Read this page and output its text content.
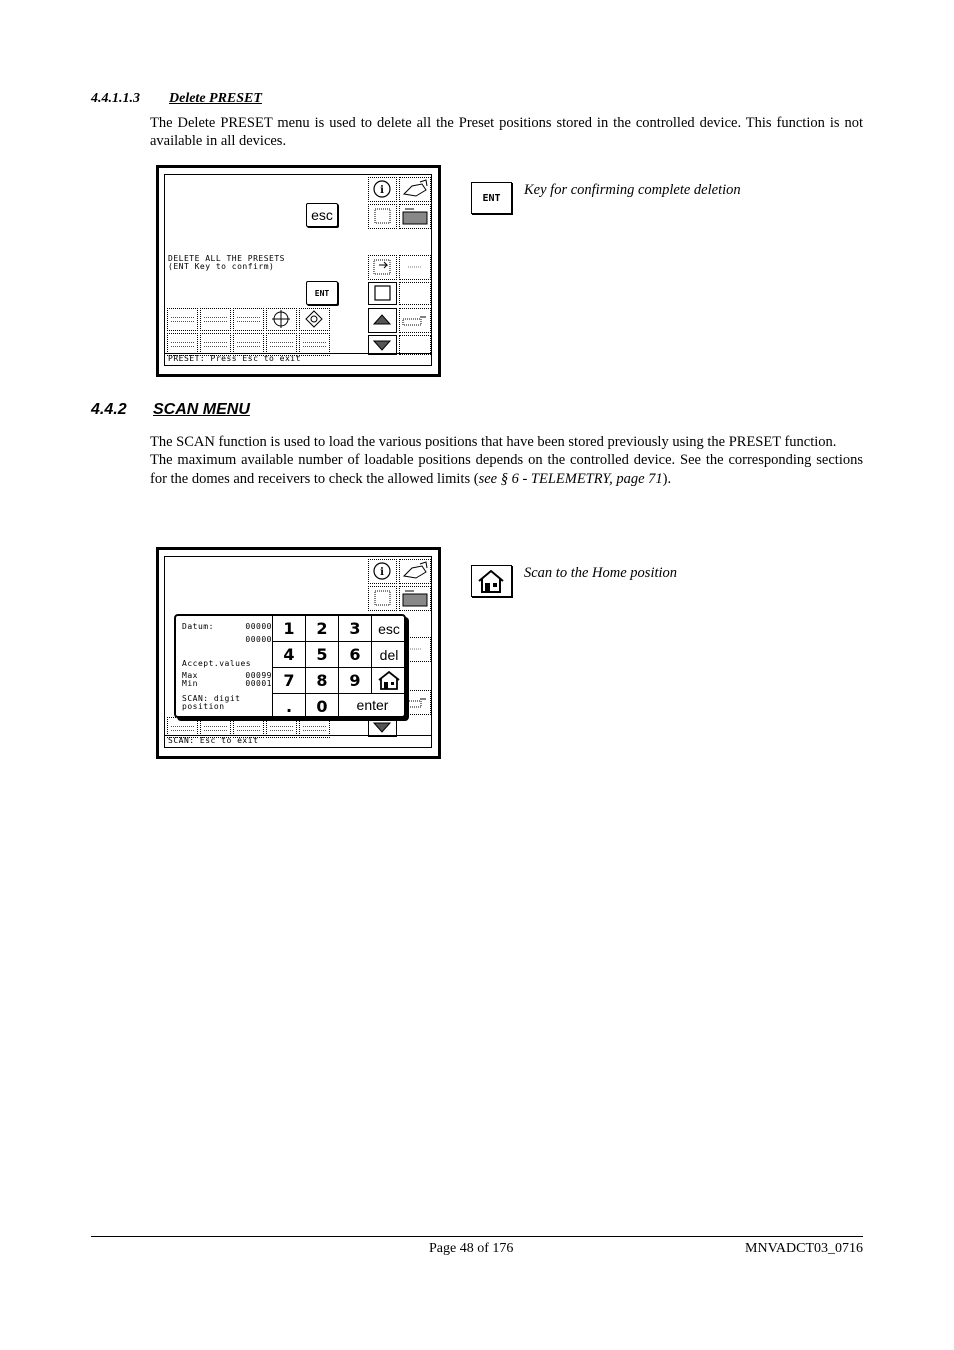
4.4.1.1.3 Delete PRESET

The Delete PRESET menu is used to delete all the Preset positions stored in the controlled device. This function is not available in all devices.

i
esc
DELETE ALL THE PRESETS
(ENT Key to confirm)
ENT
PRESET: Press Esc to exit
ENT
Key for confirming complete deletion
4.4.2 SCAN MENU

The SCAN function is used to load the various positions that have been stored previously using the PRESET function.

The maximum available number of loadable positions depends on the controlled device. See the corresponding sections for the domes and receivers to check the allowed limits (see § 6 - TELEMETRY, page 71).

i
Datum:	00000
00000
Accept.values
Max	00099
Min	00001
SCAN: digit
position
1	2	3	esc
4	5	6	del
7	8	9
.	0	enter
SCAN: Esc to exit
Scan to the Home position
Page 48 of 176	MNVADCT03_0716
